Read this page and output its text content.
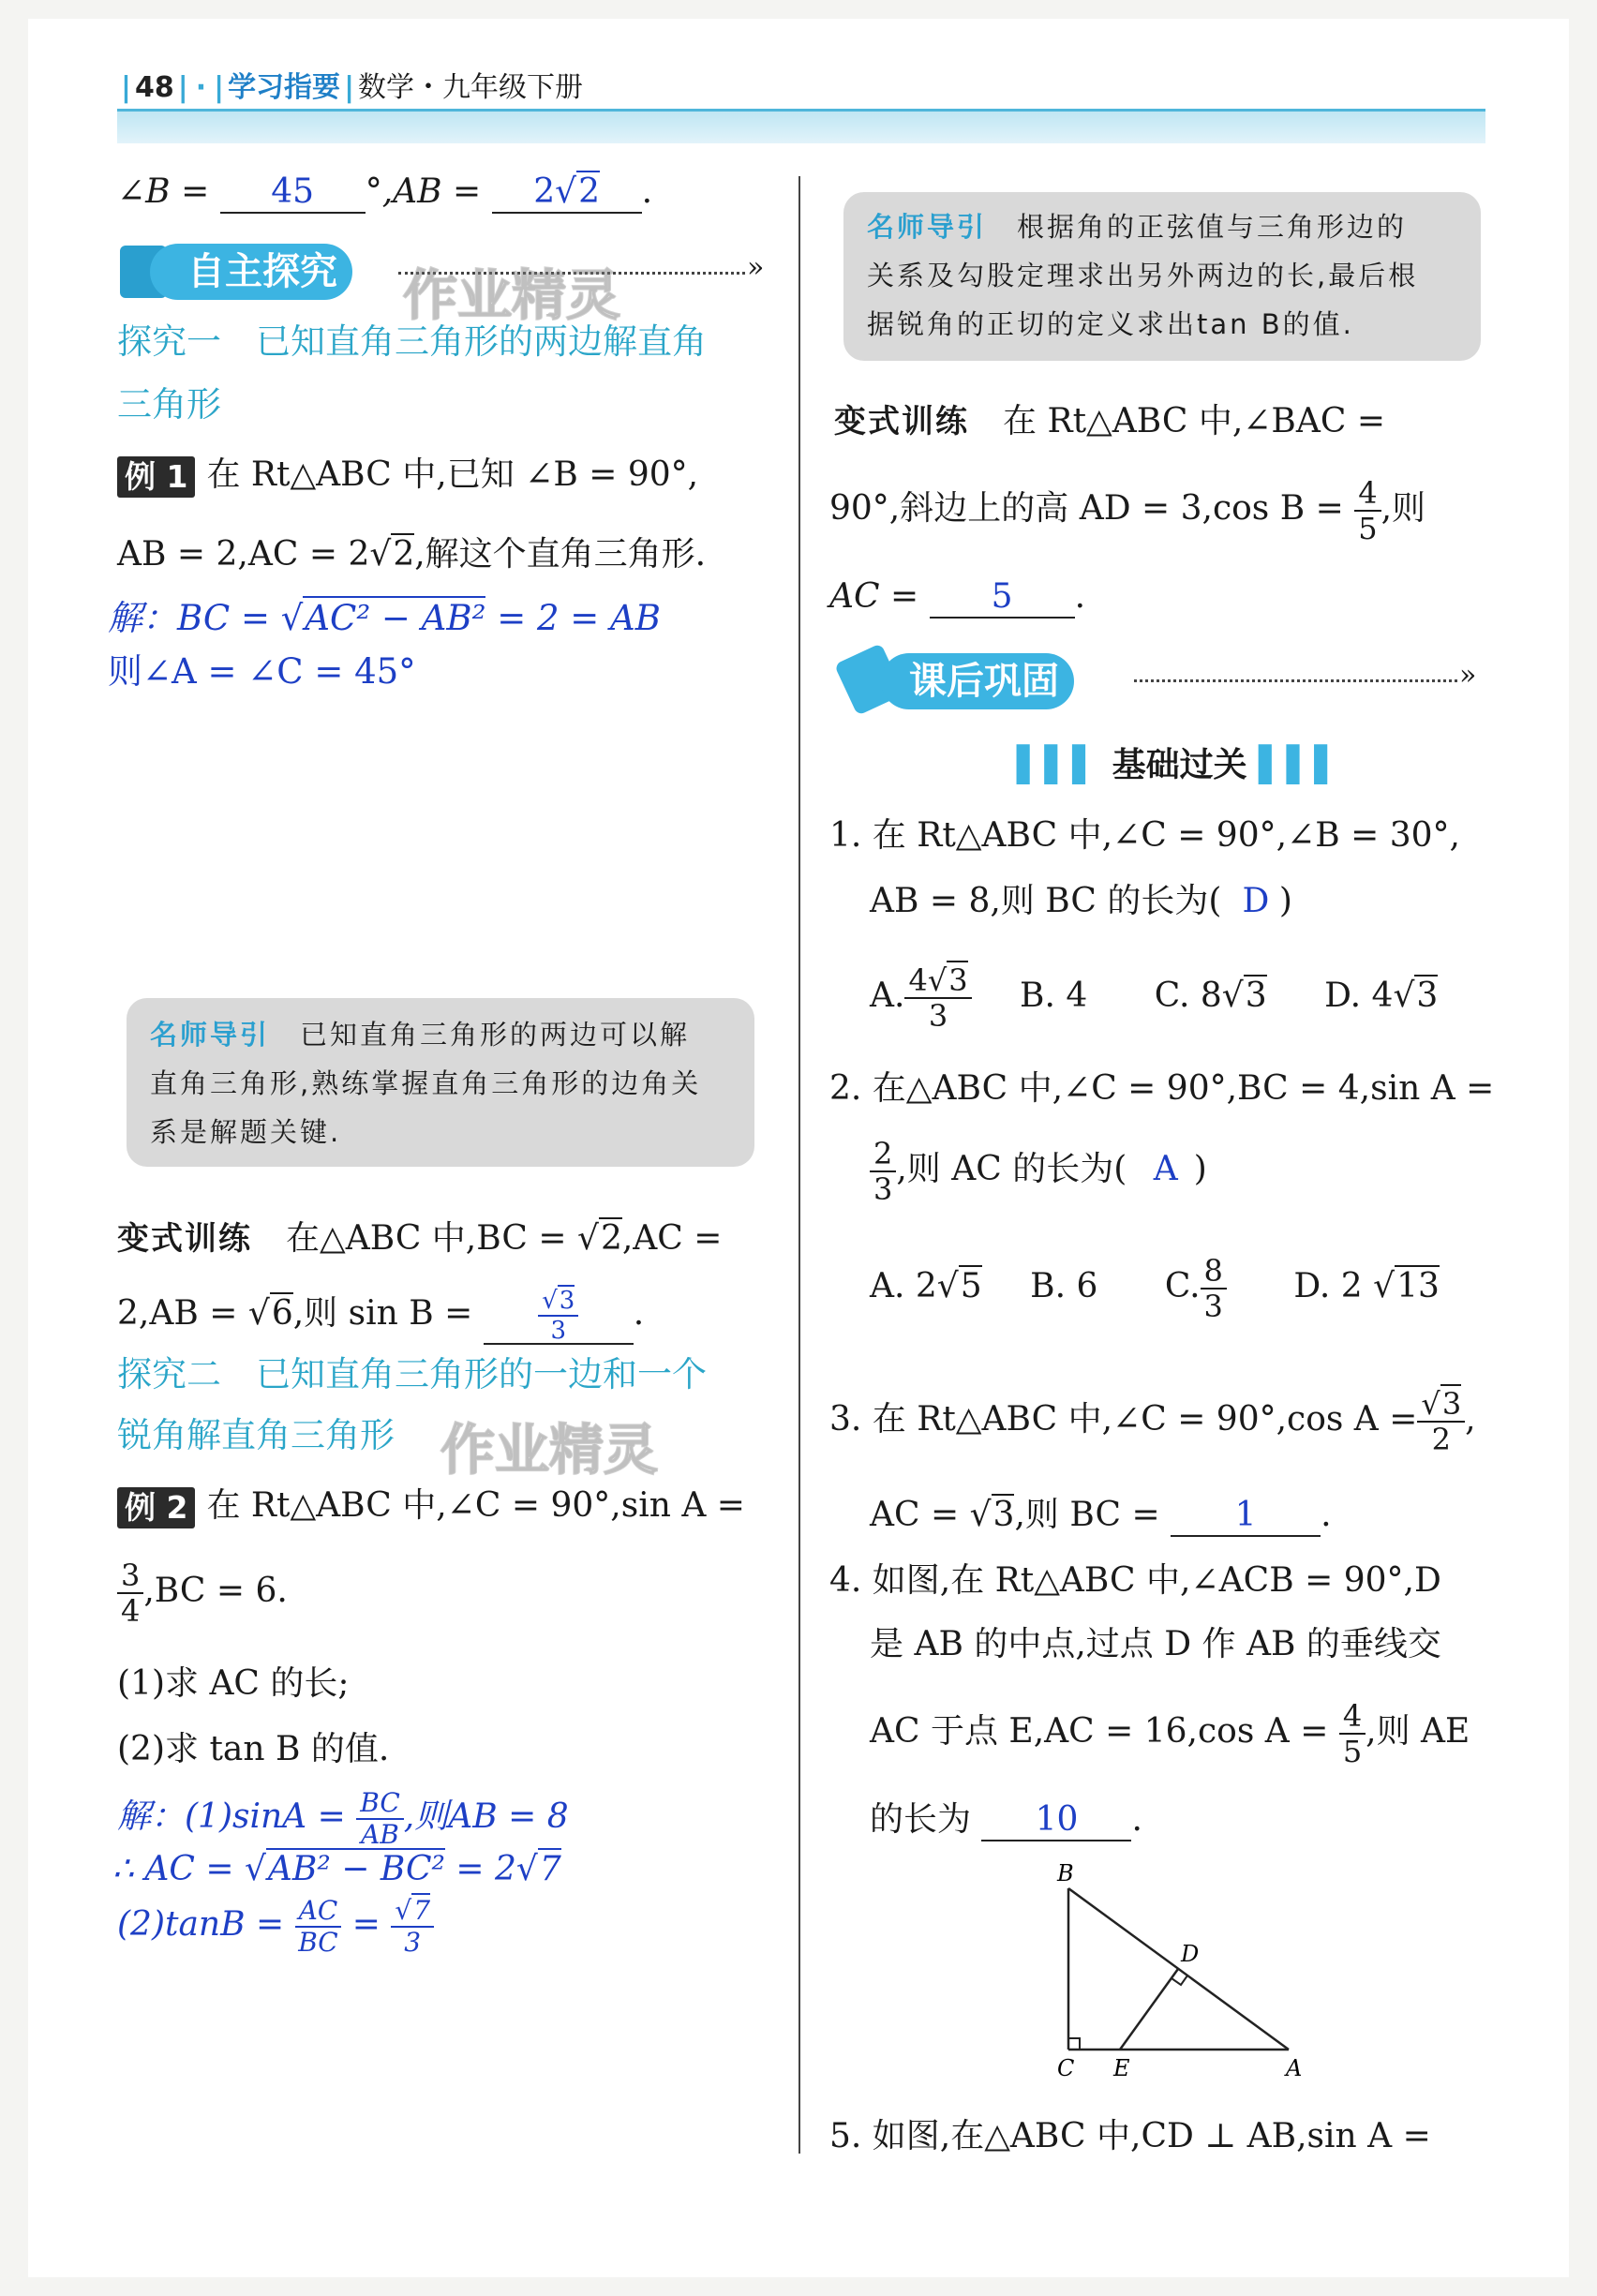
| 48 | · | 学习指要 | 数学・九年级下册
∠B = 45 °,AB = 2√2 .
自主探究	»
作业精灵
探究一　已知直角三角形的两边解直角
三角形
例 1 在 Rt△ABC 中,已知 ∠B = 90°,
AB = 2,AC = 2√2,解这个直角三角形.
解：BC = √AC² − AB² = 2 = AB
则∠A = ∠C = 45°
名师导引　 已知直角三角形的两边可以解
直角三角形,熟练掌握直角三角形的边角关
系是解题关键.
变式训练　 在△ABC 中,BC = √2,AC =
2,AB = √6,则 sin B =	$\frac{√3}{3}$ .
探究二　已知直角三角形的一边和一个
锐角解直角三角形 作业精灵
例 2 在 Rt△ABC 中,∠C = 90°,sin A =
$\frac{3}{4} ,BC = 6$.
(1)求 AC 的长;
(2)求 tan B 的值.
解：$(1)\sin A = \frac{BC}{AB}$ ,则AB = 8
∴ AC = √AB² − BC² = 2√7
$(2)\tan B = \frac{AC}{BC} = \frac{√7}{3}$
名师导引　 根据角的正弦值与三角形边的
关系及勾股定理求出另外两边的长,最后根
据锐角的正切的定义求出tan B的值.
变式训练　 在 Rt△ABC 中,∠BAC =
90°,斜边上的高 AD = 3,cos $B = \frac{4}{5}$ ,则
AC = 5 .
课后巩固	»
▌▌▌ 基础过关 ▌▌▌
1. 在 Rt△ABC 中,∠C = 90°,∠B = 30°,
AB = 8,则 BC 的长为( D )
A. $\frac{4√3}{3} B$. 4 C. 8√3 D. 4√3
2. 在△ABC 中,∠C = 90°,BC = 4,sin A =
$\frac{2}{3}$ ,则 AC 的长为( A )
A. 2√5 B. 6 C. $\frac{8}{3} D$. 2 √13
3. 在 Rt△ABC 中,∠C = 90°,cos $A = \frac{√3}{2}$ ,
AC = √3,则 BC = 1 .
4. 如图,在 Rt△ABC 中,∠ACB = 90°,D
是 AB 的中点,过点 D 作 AB 的垂线交
AC 于点 E,AC = 16,cos $A = \frac{4}{5}$ ,则 AE
的长为 10 .
B
C E	A
D
5. 如图,在△ABC 中,CD ⊥ AB,sin A =
